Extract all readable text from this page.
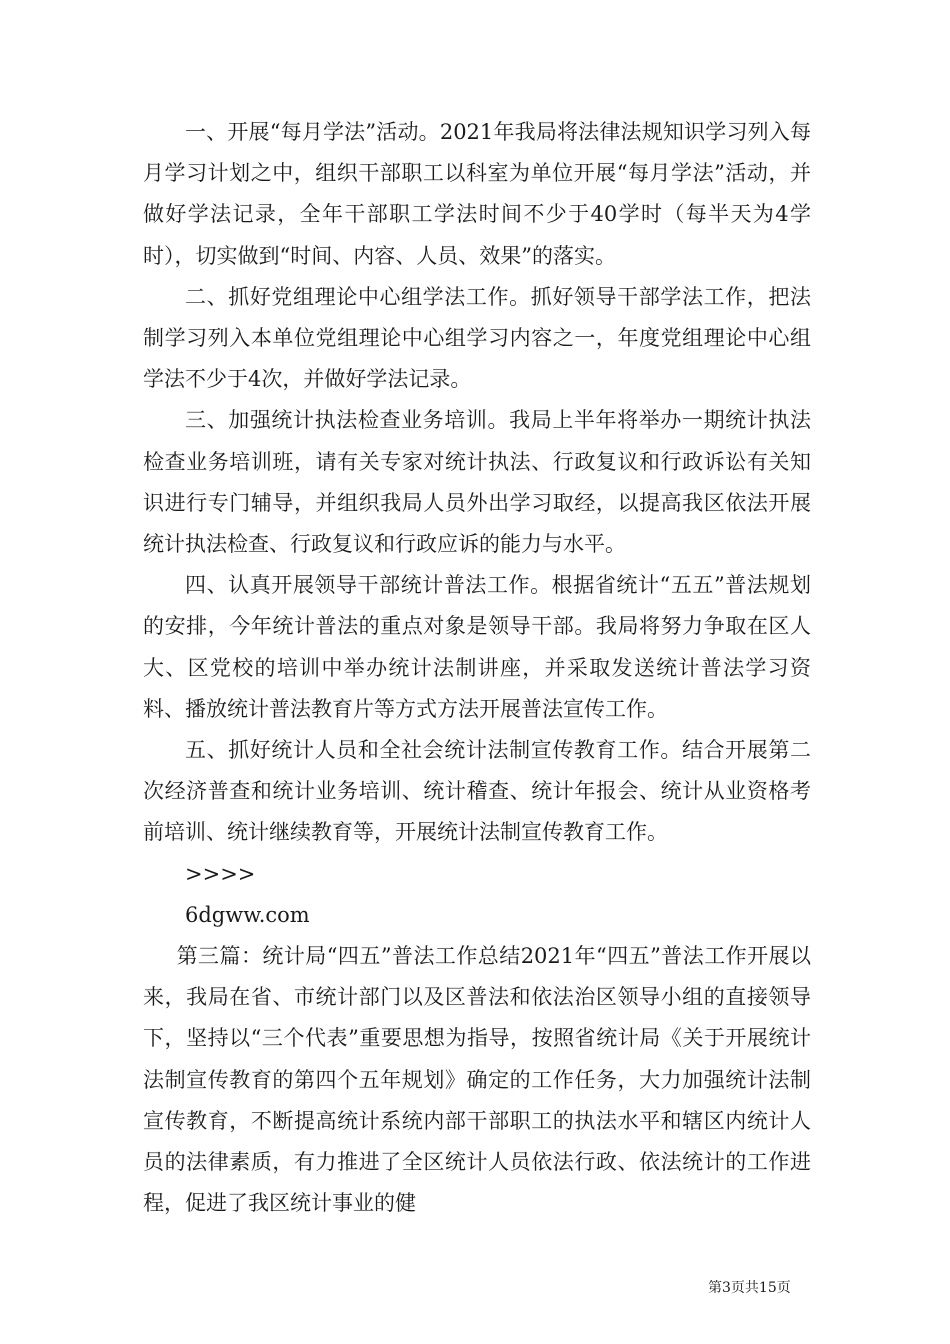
一、开展“每月学法”活动。2021年我局将法律法规知识学习列入每月学习计划之中，组织干部职工以科室为单位开展“每月学法”活动，并做好学法记录，全年干部职工学法时间不少于40学时（每半天为4学时），切实做到“时间、内容、人员、效果”的落实。

二、抓好党组理论中心组学法工作。抓好领导干部学法工作，把法制学习列入本单位党组理论中心组学习内容之一，年度党组理论中心组学法不少于4次，并做好学法记录。

三、加强统计执法检查业务培训。我局上半年将举办一期统计执法检查业务培训班，请有关专家对统计执法、行政复议和行政诉讼有关知识进行专门辅导，并组织我局人员外出学习取经，以提高我区依法开展统计执法检查、行政复议和行政应诉的能力与水平。

四、认真开展领导干部统计普法工作。根据省统计“五五”普法规划的安排，今年统计普法的重点对象是领导干部。我局将努力争取在区人大、区党校的培训中举办统计法制讲座，并采取发送统计普法学习资料、播放统计普法教育片等方式方法开展普法宣传工作。

五、抓好统计人员和全社会统计法制宣传教育工作。结合开展第二次经济普查和统计业务培训、统计稽查、统计年报会、统计从业资格考前培训、统计继续教育等，开展统计法制宣传教育工作。

>>>>

6dgww.com

第三篇：统计局“四五”普法工作总结2021年“四五”普法工作开展以来，我局在省、市统计部门以及区普法和依法治区领导小组的直接领导下，坚持以“三个代表”重要思想为指导，按照省统计局《关于开展统计法制宣传教育的第四个五年规划》确定的工作任务，大力加强统计法制宣传教育，不断提高统计系统内部干部职工的执法水平和辖区内统计人员的法律素质，有力推进了全区统计人员依法行政、依法统计的工作进程，促进了我区统计事业的健

第3页共15页
